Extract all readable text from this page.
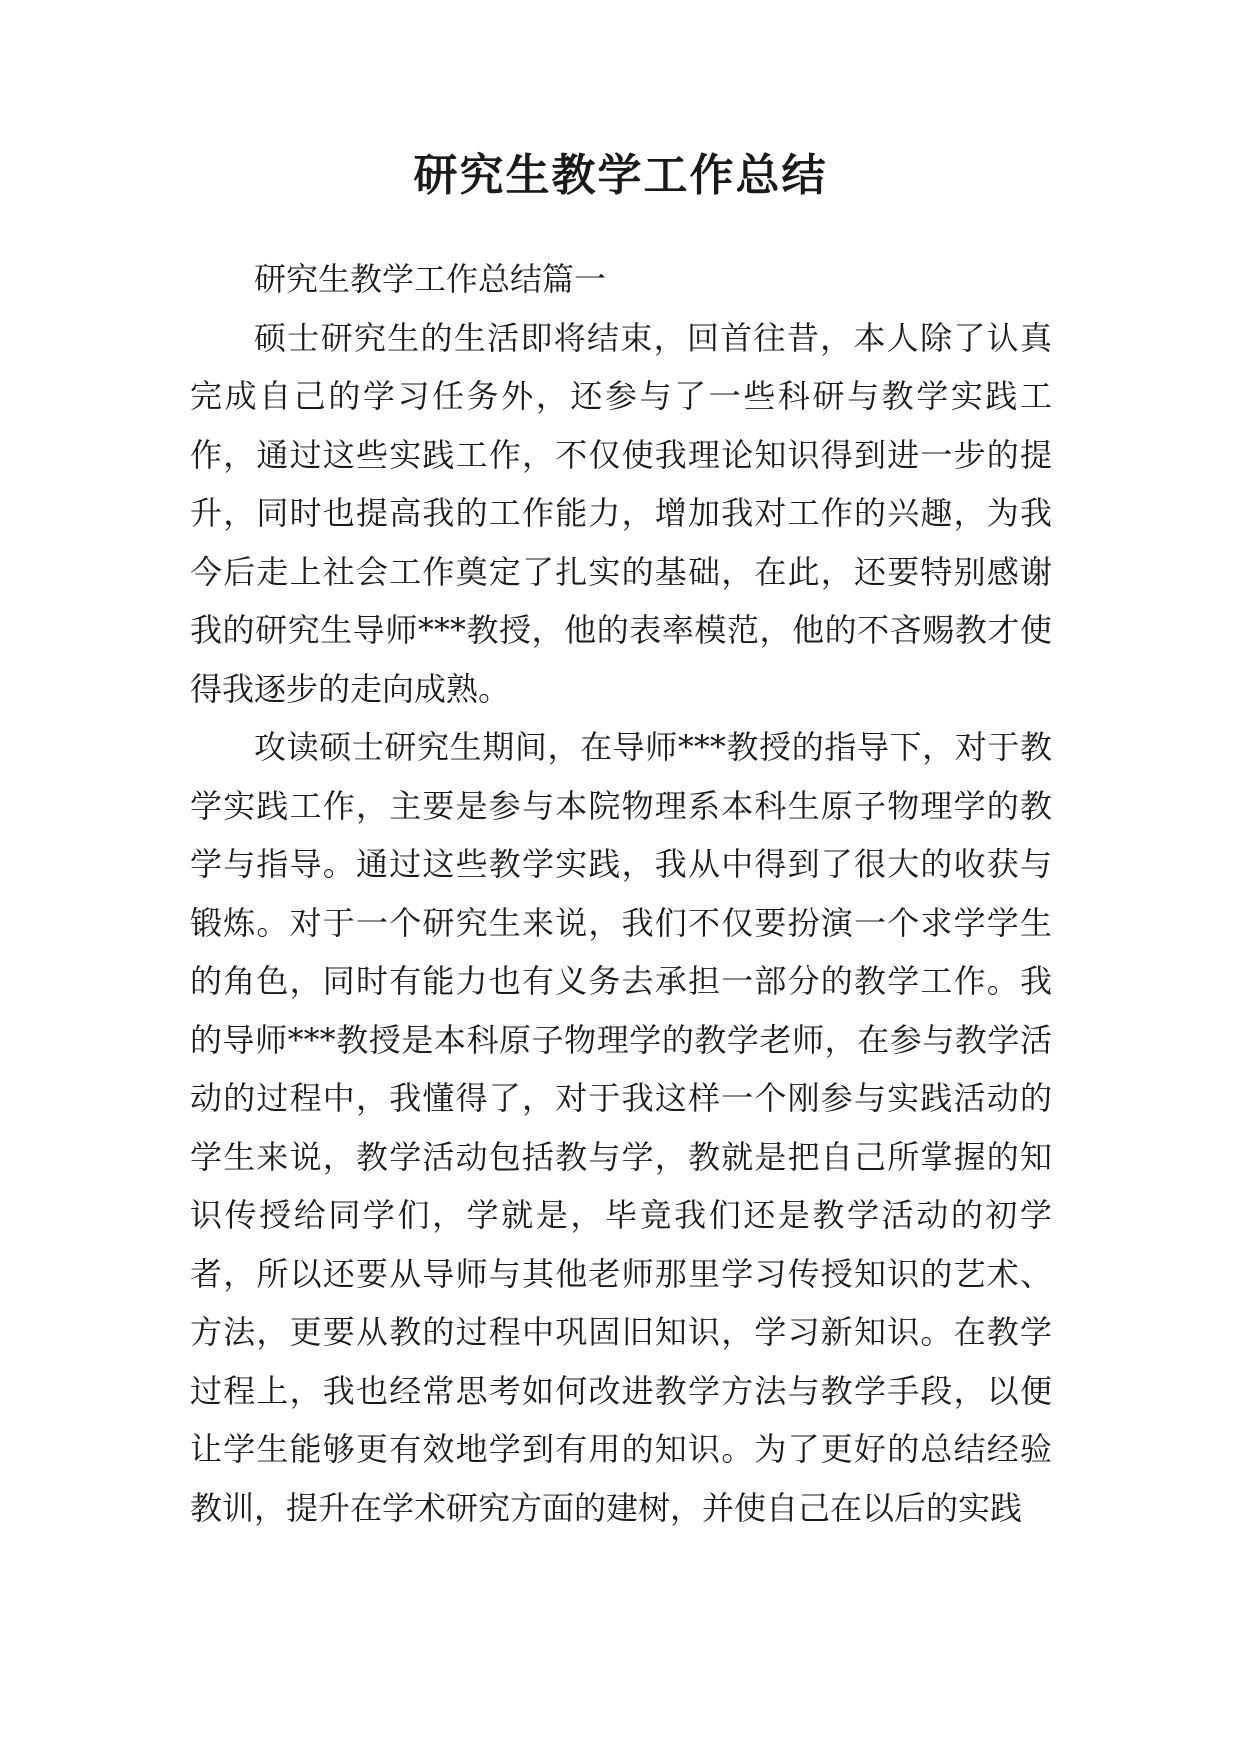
研究生教学工作总结

研究生教学工作总结篇一

硕士研究生的生活即将结束，回首往昔，本人除了认真完成自己的学习任务外，还参与了一些科研与教学实践工作，通过这些实践工作，不仅使我理论知识得到进一步的提升，同时也提高我的工作能力，增加我对工作的兴趣，为我今后走上社会工作奠定了扎实的基础，在此，还要特别感谢我的研究生导师***教授，他的表率模范，他的不吝赐教才使得我逐步的走向成熟。

攻读硕士研究生期间，在导师***教授的指导下，对于教学实践工作，主要是参与本院物理系本科生原子物理学的教学与指导。通过这些教学实践，我从中得到了很大的收获与锻炼。对于一个研究生来说，我们不仅要扮演一个求学学生的角色，同时有能力也有义务去承担一部分的教学工作。我的导师***教授是本科原子物理学的教学老师，在参与教学活动的过程中，我懂得了，对于我这样一个刚参与实践活动的学生来说，教学活动包括教与学，教就是把自己所掌握的知识传授给同学们，学就是，毕竟我们还是教学活动的初学者，所以还要从导师与其他老师那里学习传授知识的艺术、方法，更要从教的过程中巩固旧知识，学习新知识。在教学过程上，我也经常思考如何改进教学方法与教学手段，以便让学生能够更有效地学到有用的知识。为了更好的总结经验教训，提升在学术研究方面的建树，并使自己在以后的实践
